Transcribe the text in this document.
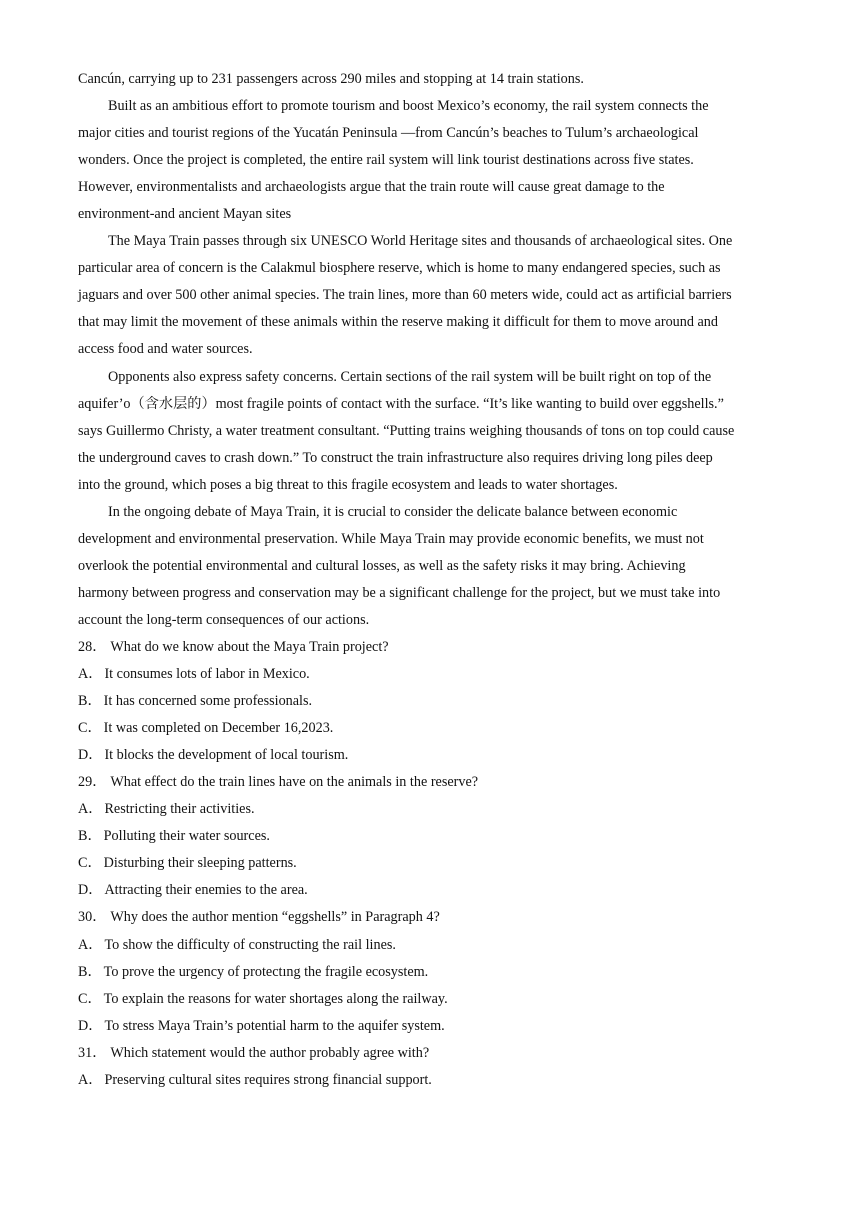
Cancún, carrying up to 231 passengers across 290 miles and stopping at 14 train stations.
Built as an ambitious effort to promote tourism and boost Mexico’s economy, the rail system connects the
major cities and tourist regions of the Yucatán Peninsula —from Cancún’s beaches to Tulum’s archaeological
wonders. Once the project is completed, the entire rail system will link tourist destinations across five states.
However, environmentalists and archaeologists argue that the train route will cause great damage to the
environment-and ancient Mayan sites
The Maya Train passes through six UNESCO World Heritage sites and thousands of archaeological sites. One
particular area of concern is the Calakmul biosphere reserve, which is home to many endangered species, such as
jaguars and over 500 other animal species. The train lines, more than 60 meters wide, could act as artificial barriers
that may limit the movement of these animals within the reserve making it difficult for them to move around and
access food and water sources.
Opponents also express safety concerns. Certain sections of the rail system will be built right on top of the
aquifer’o（含水层的）most fragile points of contact with the surface. “It’s like wanting to build over eggshells.”
says Guillermo Christy, a water treatment consultant. “Putting trains weighing thousands of tons on top could cause
the underground caves to crash down.” To construct the train infrastructure also requires driving long piles deep
into the ground, which poses a big threat to this fragile ecosystem and leads to water shortages.
In the ongoing debate of Maya Train, it is crucial to consider the delicate balance between economic
development and environmental preservation. While Maya Train may provide economic benefits, we must not
overlook the potential environmental and cultural losses, as well as the safety risks it may bring. Achieving
harmony between progress and conservation may be a significant challenge for the project, but we must take into
account the long-term consequences of our actions.
28． What do we know about the Maya Train project?
A． It consumes lots of labor in Mexico.
B． It has concerned some professionals.
C． It was completed on December 16,2023.
D． It blocks the development of local tourism.
29． What effect do the train lines have on the animals in the reserve?
A． Restricting their activities.
B． Polluting their water sources.
C． Disturbing their sleeping patterns.
D． Attracting their enemies to the area.
30． Why does the author mention “eggshells” in Paragraph 4?
A． To show the difficulty of constructing the rail lines.
B． To prove the urgency of protectıng the fragile ecosystem.
C． To explain the reasons for water shortages along the railway.
D． To stress Maya Train’s potential harm to the aquifer system.
31． Which statement would the author probably agree with?
A． Preserving cultural sites requires strong financial support.
